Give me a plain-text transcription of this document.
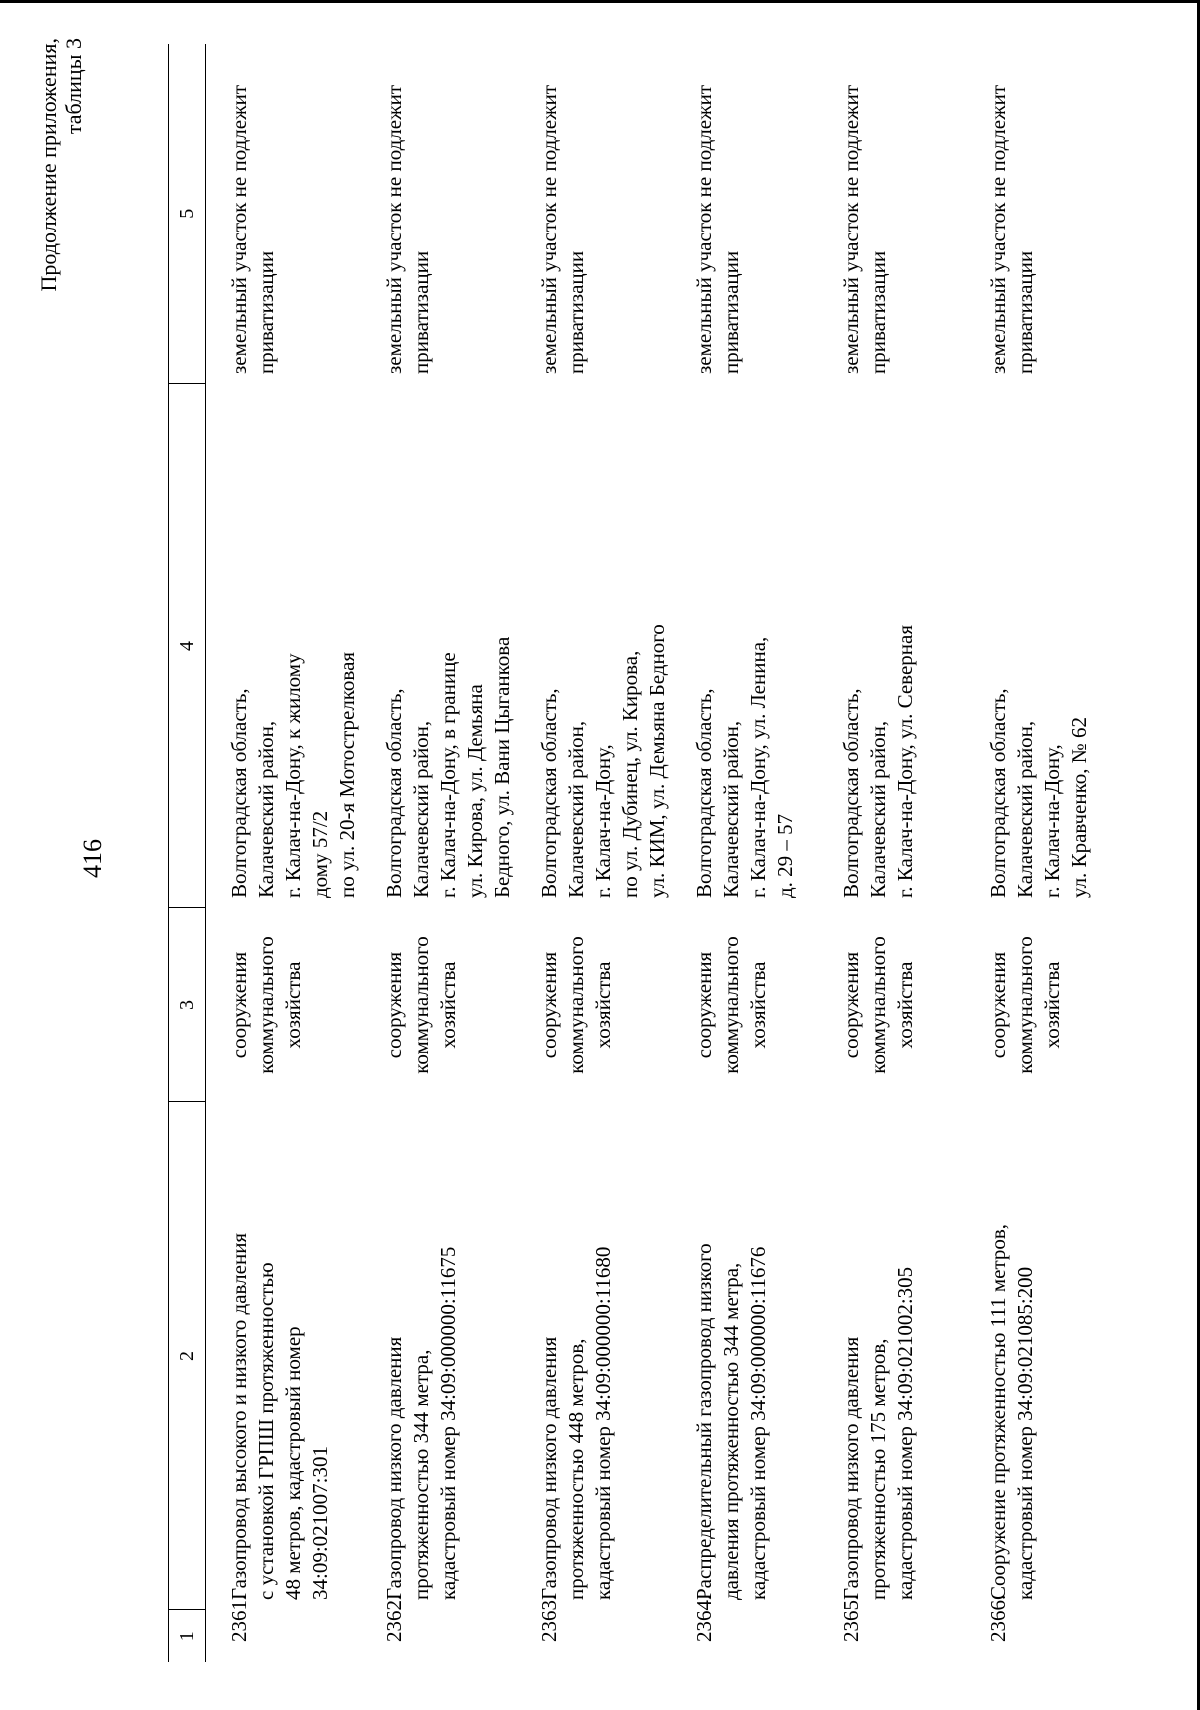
416
Продолжение приложения, таблицы 3
1	2	3	4	5
2361.	Газопровод высокого и низкого давления с установкой ГРПШ протяженностью 48 метров, кадастровый номер 34:09:021007:301	сооружения коммунального хозяйства	Волгоградская область, Калачевский район, г. Калач-на-Дону, к жилому дому 57/2 по ул. 20-я Мотострелковая	земельный участок не подлежит приватизации

2362.	Газопровод низкого давления протяженностью 344 метра, кадастровый номер 34:09:000000:11675	сооружения коммунального хозяйства	Волгоградская область, Калачевский район, г. Калач-на-Дону, в границе ул. Кирова, ул. Демьяна Бедного, ул. Вани Цыганкова	земельный участок не подлежит приватизации

2363.	Газопровод низкого давления протяженностью 448 метров, кадастровый номер 34:09:000000:11680	сооружения коммунального хозяйства	Волгоградская область, Калачевский район, г. Калач-на-Дону, по ул. Дубинец, ул. Кирова, ул. КИМ, ул. Демьяна Бедного	земельный участок не подлежит приватизации

2364.	Распределительный газопровод низкого давления протяженностью 344 метра, кадастровый номер 34:09:000000:11676	сооружения коммунального хозяйства	Волгоградская область, Калачевский район, г. Калач-на-Дону, ул. Ленина, д. 29 – 57	земельный участок не подлежит приватизации

2365.	Газопровод низкого давления протяженностью 175 метров, кадастровый номер 34:09:021002:305	сооружения коммунального хозяйства	Волгоградская область, Калачевский район, г. Калач-на-Дону, ул. Северная	земельный участок не подлежит приватизации

2366.	Сооружение протяженностью 111 метров, кадастровый номер 34:09:021085:200	сооружения коммунального хозяйства	Волгоградская область, Калачевский район, г. Калач-на-Дону, ул. Кравченко, № 62	земельный участок не подлежит приватизации
